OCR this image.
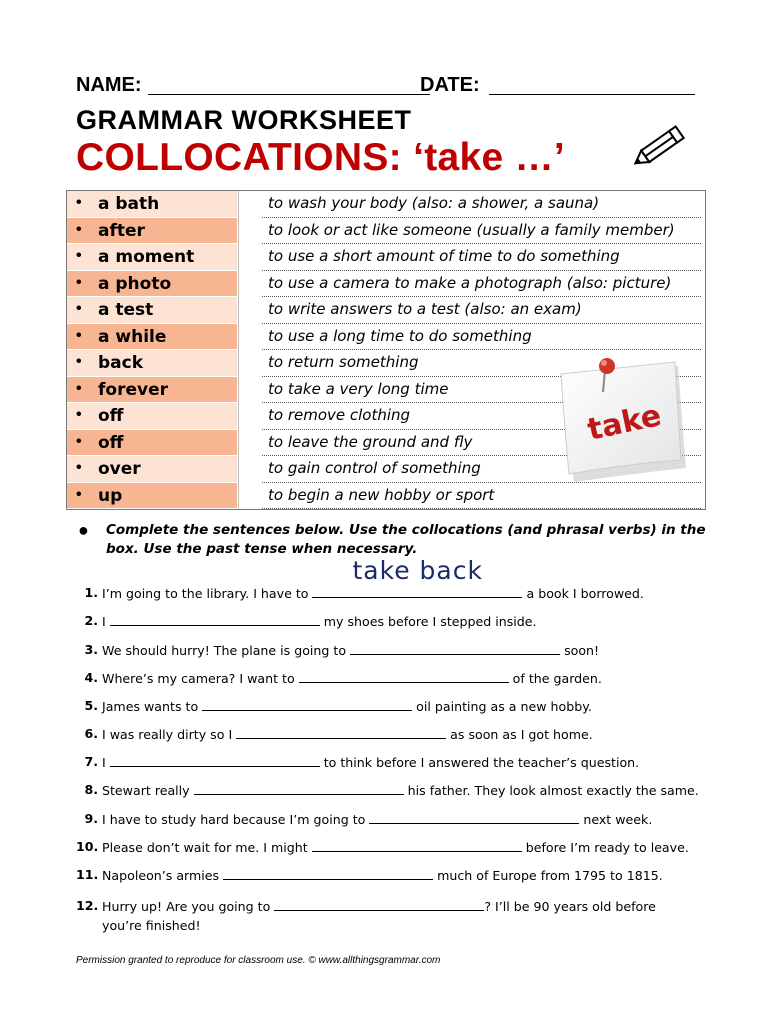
NAME:	DATE:
GRAMMAR WORKSHEET
COLLOCATIONS: ‘take …’
• a bath	to wash your body (also: a shower, a sauna)
• after	to look or act like someone (usually a family member)
• a moment	to use a short amount of time to do something
• a photo	to use a camera to make a photograph (also: picture)
• a test	to write answers to a test (also: an exam)
• a while	to use a long time to do something
• back	to return something
• forever	to take a very long time
• off	to remove clothing
• off	to leave the ground and fly
• over	to gain control of something
• up	to begin a new hobby or sport
take
● Complete the sentences below. Use the collocations (and phrasal verbs) in the box. Use the past tense when necessary.
1. I’m going to the library. I have to
take back
a book I borrowed.
2. I	my shoes before I stepped inside.
3. We should hurry! The plane is going to	soon!
4. Where’s my camera? I want to	of the garden.
5. James wants to	oil painting as a new hobby.
6. I was really dirty so I	as soon as I got home.
7. I	to think before I answered the teacher’s question.
8. Stewart really	his father. They look almost exactly the same.
9. I have to study hard because I’m going to	next week.
10. Please don’t wait for me. I might	before I’m ready to leave.
11. Napoleon’s armies	much of Europe from 1795 to 1815.
12. Hurry up! Are you going to	? I’ll be 90 years old before
you’re finished!
Permission granted to reproduce for classroom use. © www.allthingsgrammar.com
